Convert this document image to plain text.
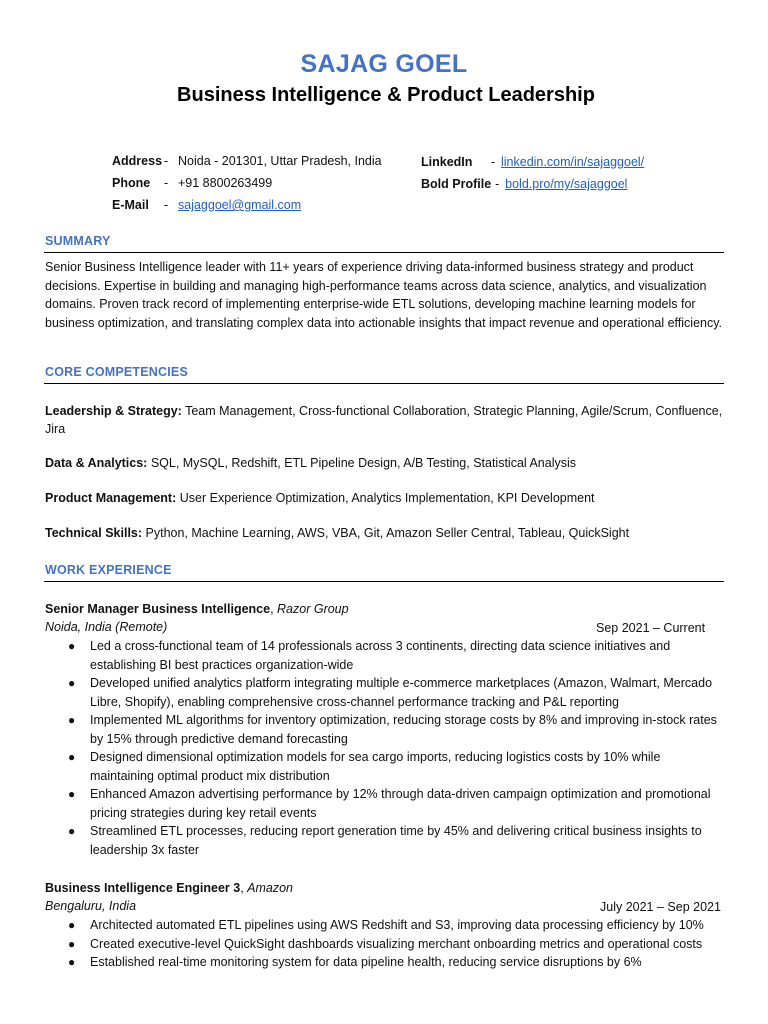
SAJAG GOEL
Business Intelligence & Product Leadership
Address - Noida - 201301, Uttar Pradesh, India
Phone - +91 8800263499
E-Mail - sajaggoel@gmail.com
LinkedIn - linkedin.com/in/sajaggoel/
Bold Profile - bold.pro/my/sajaggoel
SUMMARY
Senior Business Intelligence leader with 11+ years of experience driving data-informed business strategy and product decisions. Expertise in building and managing high-performance teams across data science, analytics, and visualization domains. Proven track record of implementing enterprise-wide ETL solutions, developing machine learning models for business optimization, and translating complex data into actionable insights that impact revenue and operational efficiency.
CORE COMPETENCIES
Leadership & Strategy: Team Management, Cross-functional Collaboration, Strategic Planning, Agile/Scrum, Confluence, Jira
Data & Analytics: SQL, MySQL, Redshift, ETL Pipeline Design, A/B Testing, Statistical Analysis
Product Management: User Experience Optimization, Analytics Implementation, KPI Development
Technical Skills: Python, Machine Learning, AWS, VBA, Git, Amazon Seller Central, Tableau, QuickSight
WORK EXPERIENCE
Senior Manager Business Intelligence, Razor Group
Noida, India (Remote)	Sep 2021 – Current
● Led a cross-functional team of 14 professionals across 3 continents, directing data science initiatives and establishing BI best practices organization-wide
● Developed unified analytics platform integrating multiple e-commerce marketplaces (Amazon, Walmart, Mercado Libre, Shopify), enabling comprehensive cross-channel performance tracking and P&L reporting
● Implemented ML algorithms for inventory optimization, reducing storage costs by 8% and improving in-stock rates by 15% through predictive demand forecasting
● Designed dimensional optimization models for sea cargo imports, reducing logistics costs by 10% while maintaining optimal product mix distribution
● Enhanced Amazon advertising performance by 12% through data-driven campaign optimization and promotional pricing strategies during key retail events
● Streamlined ETL processes, reducing report generation time by 45% and delivering critical business insights to leadership 3x faster
Business Intelligence Engineer 3, Amazon
Bengaluru, India	July 2021 – Sep 2021
● Architected automated ETL pipelines using AWS Redshift and S3, improving data processing efficiency by 10%
● Created executive-level QuickSight dashboards visualizing merchant onboarding metrics and operational costs
● Established real-time monitoring system for data pipeline health, reducing service disruptions by 6%
